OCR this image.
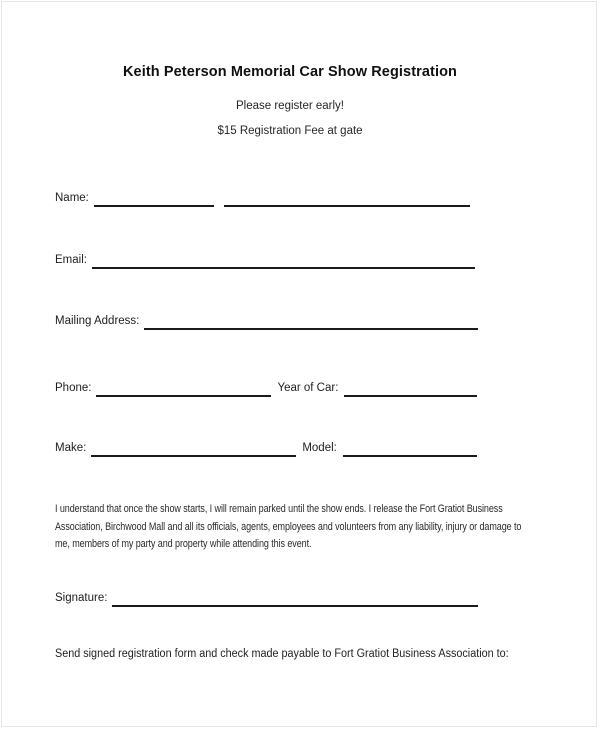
Keith Peterson Memorial Car Show Registration
Please register early!
$15 Registration Fee at gate
Name:
Email:
Mailing Address:
Phone:	Year of Car:
Make:	Model:
I understand that once the show starts, I will remain parked until the show ends. I release the Fort Gratiot Business
Association, Birchwood Mall and all its officials, agents, employees and volunteers from any liability, injury or damage to
me, members of my party and property while attending this event.
Signature:
Send signed registration form and check made payable to Fort Gratiot Business Association to:
